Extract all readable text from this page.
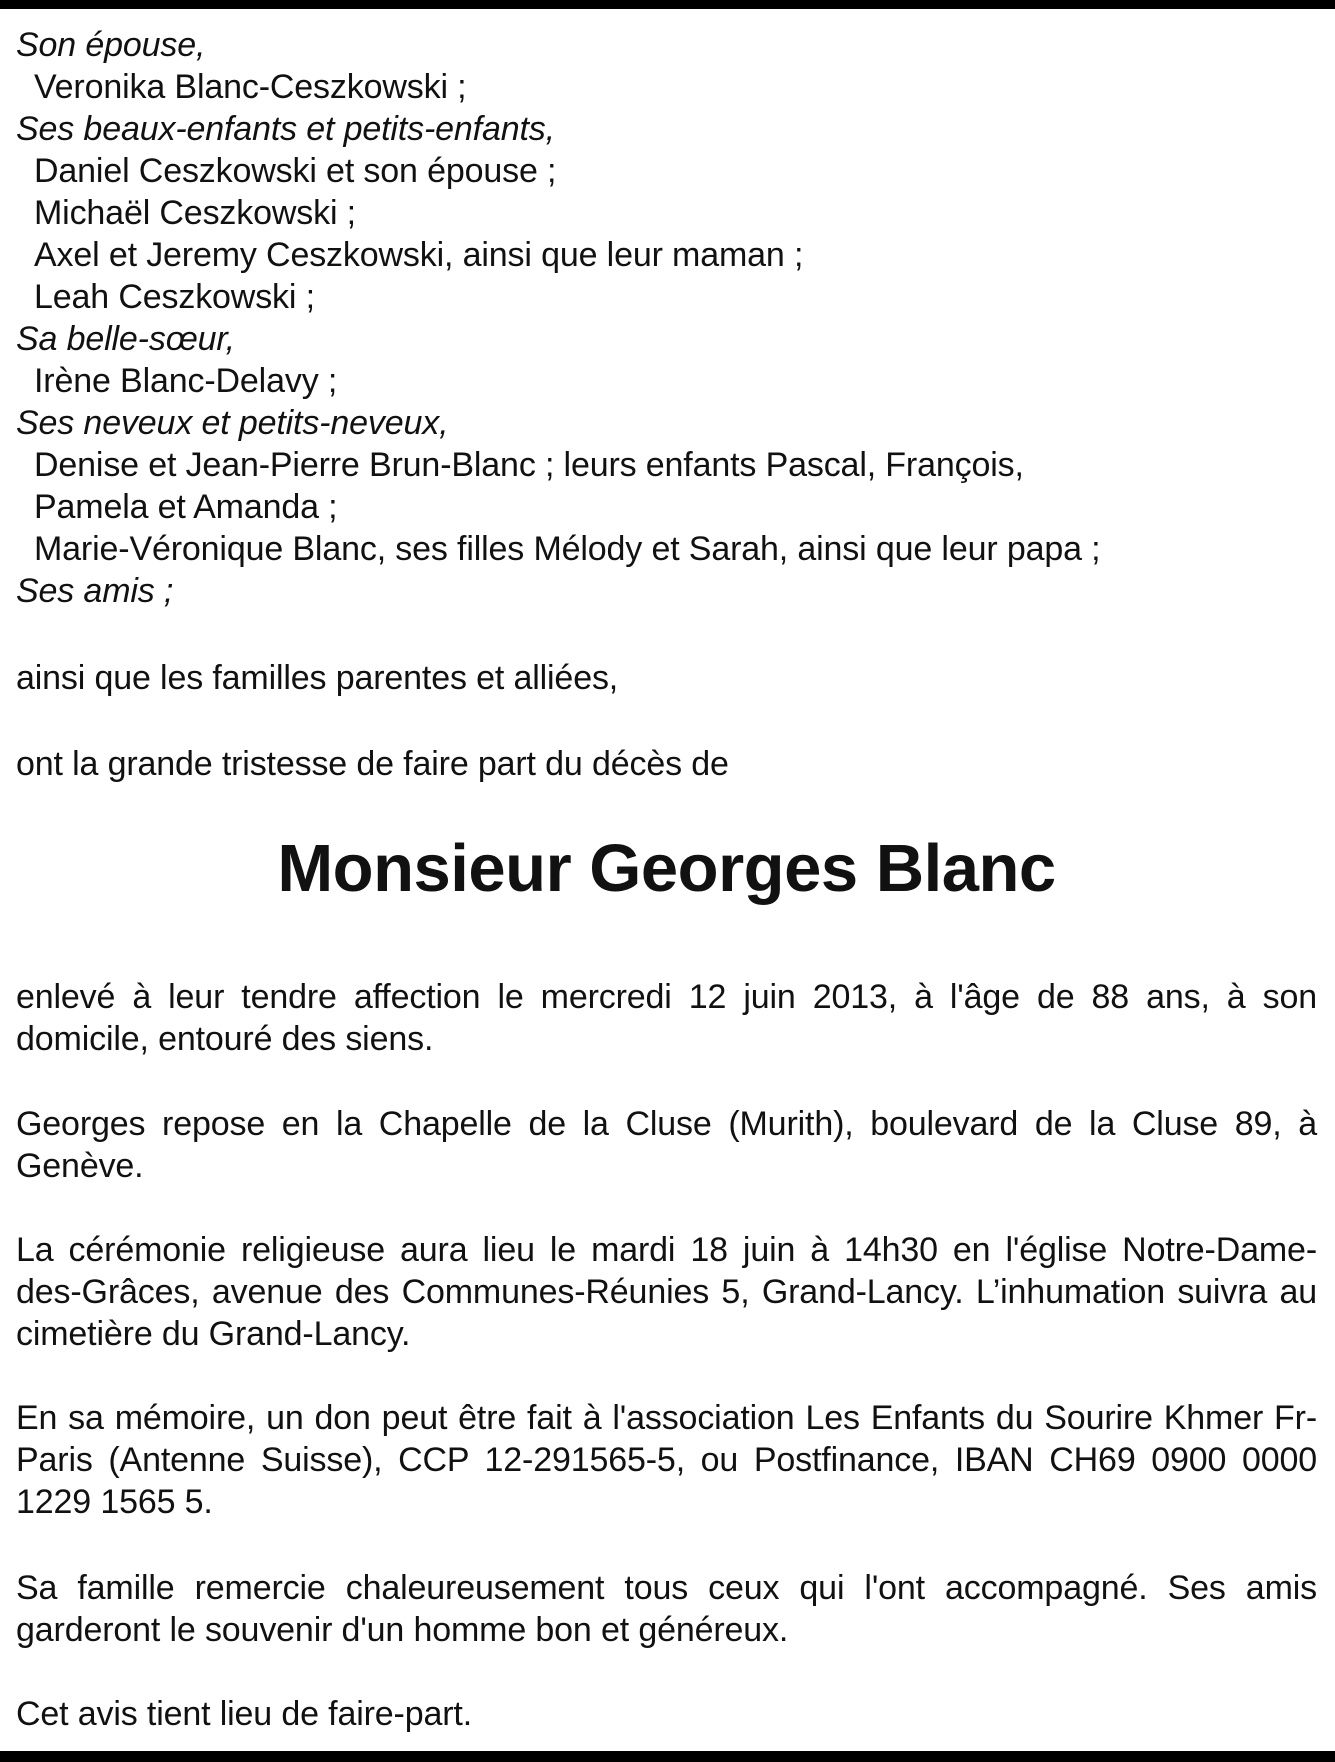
Son épouse,
Veronika Blanc-Ceszkowski ;
Ses beaux-enfants et petits-enfants,
Daniel Ceszkowski et son épouse ;
Michaël Ceszkowski ;
Axel et Jeremy Ceszkowski, ainsi que leur maman ;
Leah Ceszkowski ;
Sa belle-sœur,
Irène Blanc-Delavy ;
Ses neveux et petits-neveux,
Denise et Jean-Pierre Brun-Blanc ; leurs enfants Pascal, François,
Pamela et Amanda ;
Marie-Véronique Blanc, ses filles Mélody et Sarah, ainsi que leur papa ;
Ses amis ;
ainsi que les familles parentes et alliées,
ont la grande tristesse de faire part du décès de
Monsieur Georges Blanc
enlevé à leur tendre affection le mercredi 12 juin 2013, à l'âge de 88 ans, à son
domicile, entouré des siens.
Georges repose en la Chapelle de la Cluse (Murith), boulevard de la Cluse 89, à
Genève.
La cérémonie religieuse aura lieu le mardi 18 juin à 14h30 en l'église Notre-Dame-
des-Grâces, avenue des Communes-Réunies 5, Grand-Lancy. L’inhumation suivra au
cimetière du Grand-Lancy.
En sa mémoire, un don peut être fait à l'association Les Enfants du Sourire Khmer Fr-
Paris (Antenne Suisse), CCP 12-291565-5, ou Postfinance, IBAN CH69 0900 0000
1229 1565 5.
Sa famille remercie chaleureusement tous ceux qui l'ont accompagné. Ses amis
garderont le souvenir d'un homme bon et généreux.
Cet avis tient lieu de faire-part.
